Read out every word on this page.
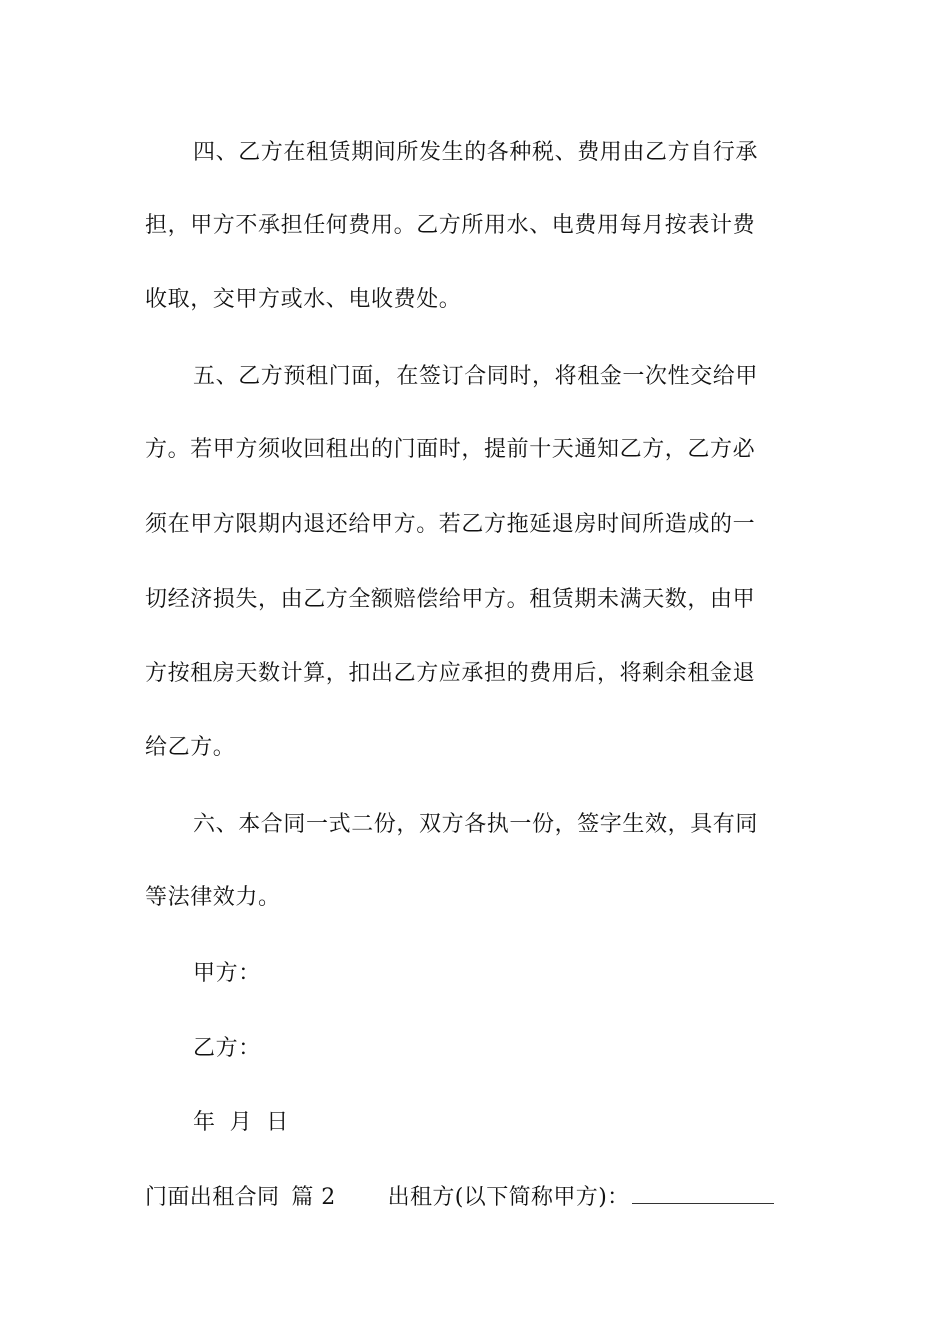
四、乙方在租赁期间所发生的各种税、费用由乙方自行承
担，甲方不承担任何费用。乙方所用水、电费用每月按表计费
收取，交甲方或水、电收费处。
五、乙方预租门面，在签订合同时，将租金一次性交给甲
方。若甲方须收回租出的门面时，提前十天通知乙方，乙方必
须在甲方限期内退还给甲方。若乙方拖延退房时间所造成的一
切经济损失，由乙方全额赔偿给甲方。租赁期未满天数，由甲
方按租房天数计算，扣出乙方应承担的费用后，将剩余租金退
给乙方。
六、本合同一式二份，双方各执一份，签字生效，具有同
等法律效力。
甲方：
乙方：
年 月 日
门面出租合同 篇 2 出租方(以下简称甲方)：
